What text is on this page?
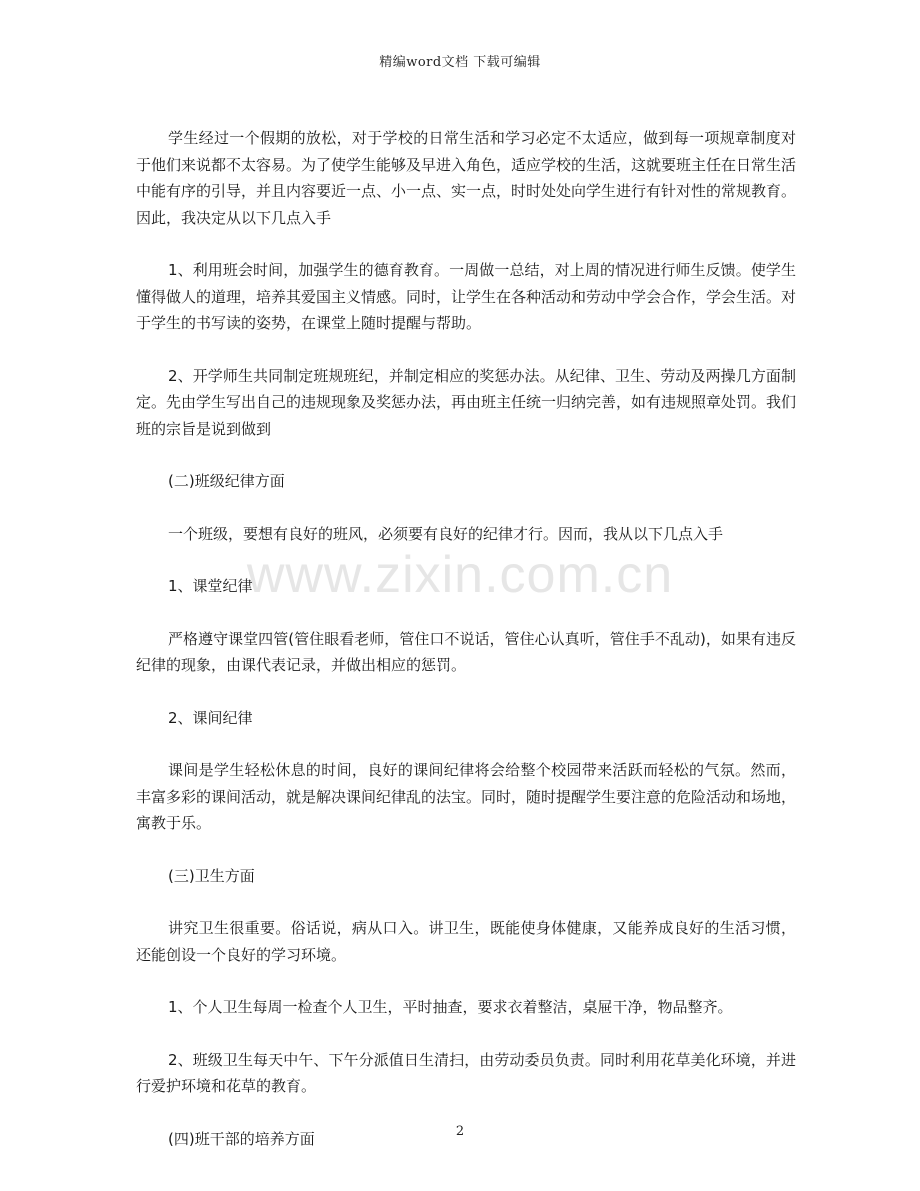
精编word文档 下载可编辑
www.zixin.com.cn

学生经过一个假期的放松，对于学校的日常生活和学习必定不太适应，做到每一项规章制度对于他们来说都不太容易。为了使学生能够及早进入角色，适应学校的生活，这就要班主任在日常生活中能有序的引导，并且内容要近一点、小一点、实一点，时时处处向学生进行有针对性的常规教育。因此，我决定从以下几点入手

1、利用班会时间，加强学生的德育教育。一周做一总结，对上周的情况进行师生反馈。使学生懂得做人的道理，培养其爱国主义情感。同时，让学生在各种活动和劳动中学会合作，学会生活。对于学生的书写读的姿势，在课堂上随时提醒与帮助。

2、开学师生共同制定班规班纪，并制定相应的奖惩办法。从纪律、卫生、劳动及两操几方面制定。先由学生写出自己的违规现象及奖惩办法，再由班主任统一归纳完善，如有违规照章处罚。我们班的宗旨是说到做到

(二)班级纪律方面

一个班级，要想有良好的班风，必须要有良好的纪律才行。因而，我从以下几点入手

1、课堂纪律

严格遵守课堂四管(管住眼看老师，管住口不说话，管住心认真听，管住手不乱动)，如果有违反纪律的现象，由课代表记录，并做出相应的惩罚。

2、课间纪律

课间是学生轻松休息的时间，良好的课间纪律将会给整个校园带来活跃而轻松的气氛。然而，丰富多彩的课间活动，就是解决课间纪律乱的法宝。同时，随时提醒学生要注意的危险活动和场地，寓教于乐。

(三)卫生方面

讲究卫生很重要。俗话说，病从口入。讲卫生，既能使身体健康，又能养成良好的生活习惯，还能创设一个良好的学习环境。

1、个人卫生每周一检查个人卫生，平时抽查，要求衣着整洁，桌屉干净，物品整齐。

2、班级卫生每天中午、下午分派值日生清扫，由劳动委员负责。同时利用花草美化环境，并进行爱护环境和花草的教育。

(四)班干部的培养方面	2
